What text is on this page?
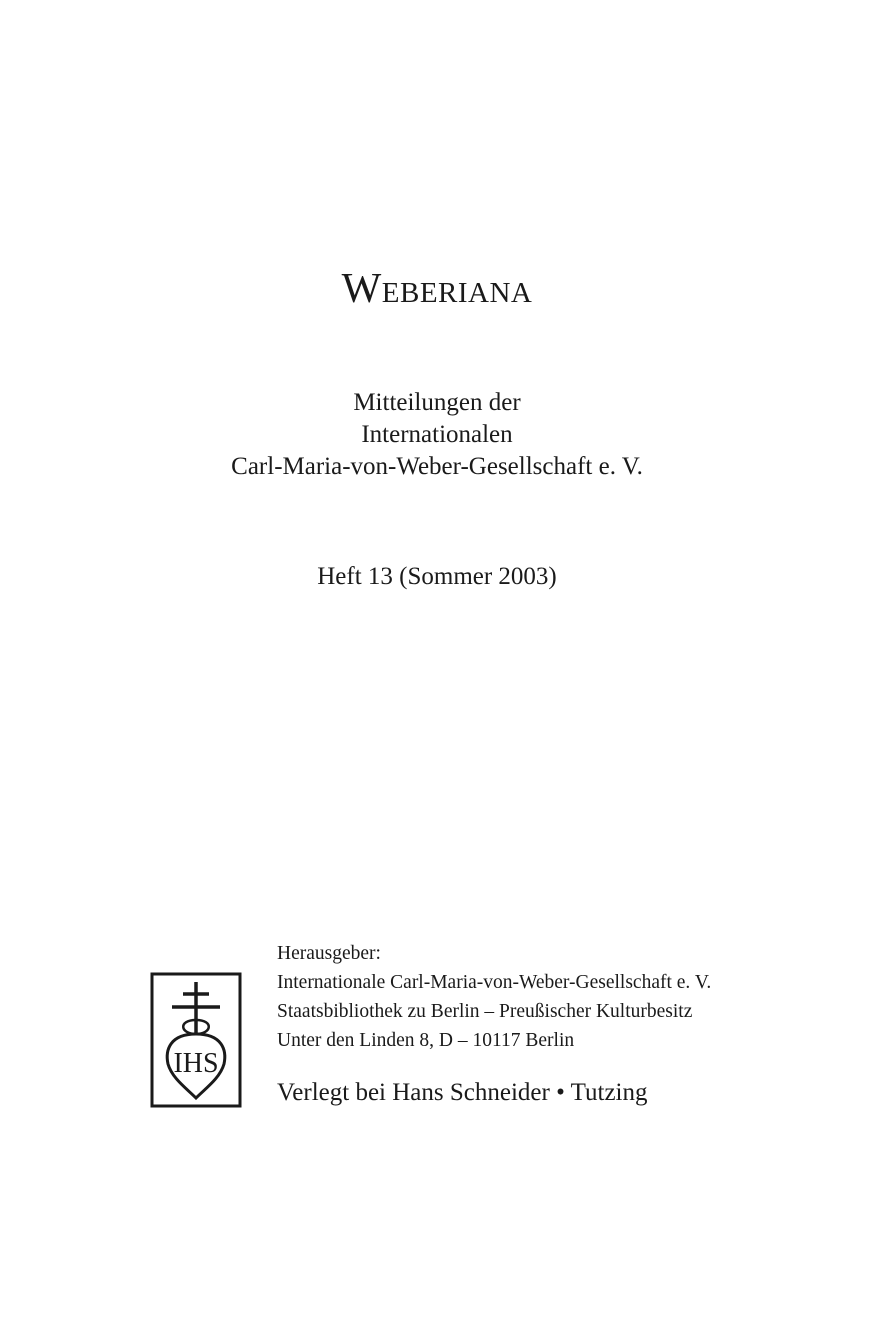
Weberiana
Mitteilungen der
Internationalen
Carl-Maria-von-Weber-Gesellschaft e. V.
Heft 13 (Sommer 2003)
IHS
Herausgeber:
Internationale Carl-Maria-von-Weber-Gesellschaft e. V.
Staatsbibliothek zu Berlin – Preußischer Kulturbesitz
Unter den Linden 8, D – 10117 Berlin
Verlegt bei Hans Schneider • Tutzing
